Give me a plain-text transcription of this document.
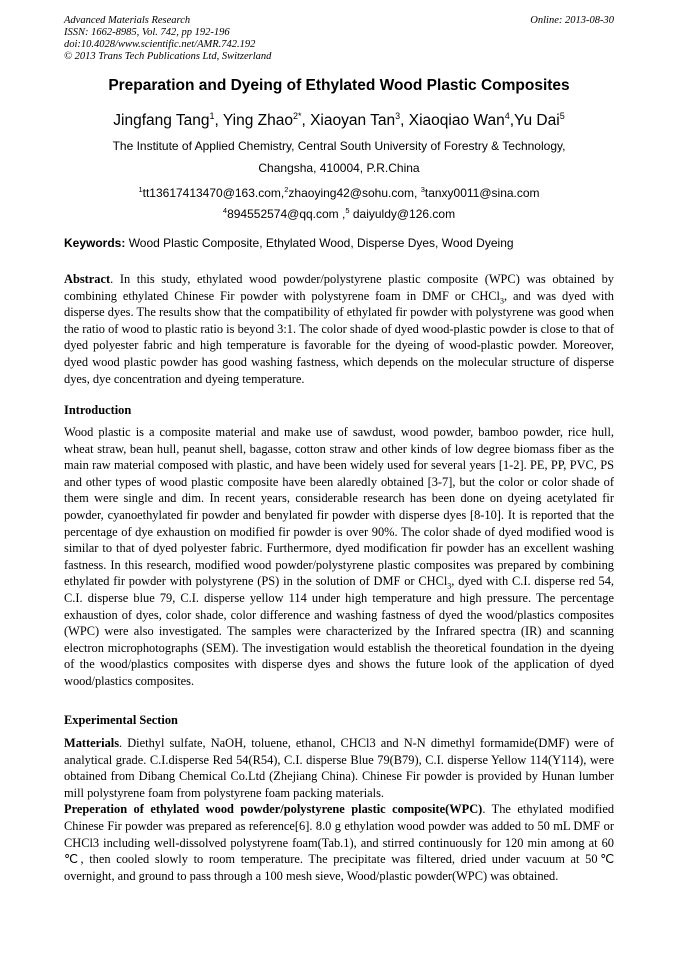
Advanced Materials Research
ISSN: 1662-8985, Vol. 742, pp 192-196
doi:10.4028/www.scientific.net/AMR.742.192
© 2013 Trans Tech Publications Ltd, Switzerland
Online: 2013-08-30
Preparation and Dyeing of Ethylated Wood Plastic Composites
Jingfang Tang$^1$, Ying Zhao$^{2*}$, Xiaoyan Tan$^3$, Xiaoqiao Wan$^4$,Yu Dai$^5$
The Institute of Applied Chemistry, Central South University of Forestry & Technology,
Changsha, 410004, P.R.China
$^1$tt13617413470@163.com,$^2$zhaoying42@sohu.com, $^3$tanxy0011@sina.com
$^4$894552574@qq.com ,$^5$ daiyuldy@126.com
Keywords: Wood Plastic Composite, Ethylated Wood, Disperse Dyes, Wood Dyeing
Abstract. In this study, ethylated wood powder/polystyrene plastic composite (WPC) was obtained by combining ethylated Chinese Fir powder with polystyrene foam in DMF or CHCl$_3$, and was dyed with disperse dyes. The results show that the compatibility of ethylated fir powder with polystyrene was good when the ratio of wood to plastic ratio is beyond 3:1. The color shade of dyed wood-plastic powder is close to that of dyed polyester fabric and high temperature is favorable for the dyeing of wood-plastic powder. Moreover, dyed wood plastic powder has good washing fastness, which depends on the molecular structure of disperse dyes, dye concentration and dyeing temperature.
Introduction
Wood plastic is a composite material and make use of sawdust, wood powder, bamboo powder, rice hull, wheat straw, bean hull, peanut shell, bagasse, cotton straw and other kinds of low degree biomass fiber as the main raw material composed with plastic, and have been widely used for several years [1-2]. PE, PP, PVC, PS and other types of wood plastic composite have been alaredly obtained [3-7], but the color or color shade of them were single and dim. In recent years, considerable research has been done on dyeing acetylated fir powder, cyanoethylated fir powder and benylated fir powder with disperse dyes [8-10]. It is reported that the percentage of dye exhaustion on modified fir powder is over 90%. The color shade of dyed modified wood is similar to that of dyed polyester fabric. Furthermore, dyed modification fir powder has an excellent washing fastness. In this research, modified wood powder/polystyrene plastic composites was prepared by combining ethylated fir powder with polystyrene (PS) in the solution of DMF or CHCl$_3$, dyed with C.I. disperse red 54, C.I. disperse blue 79, C.I. disperse yellow 114 under high temperature and high pressure. The percentage exhaustion of dyes, color shade, color difference and washing fastness of dyed the wood/plastics composites (WPC) were also investigated. The samples were characterized by the Infrared spectra (IR) and scanning electron microphotographs (SEM). The investigation would establish the theoretical foundation in the dyeing of the wood/plastics composites with disperse dyes and shows the future look of the application of dyed wood/plastics composites.
Experimental Section
Matterials. Diethyl sulfate, NaOH, toluene, ethanol, CHCl3 and N-N dimethyl formamide(DMF) were of analytical grade. C.I.disperse Red 54(R54), C.I. disperse Blue 79(B79), C.I. disperse Yellow 114(Y114), were obtained from Dibang Chemical Co.Ltd (Zhejiang China). Chinese Fir powder is provided by Hunan lumber mill polystyrene foam from polystyrene foam packing materials.
Preperation of ethylated wood powder/polystyrene plastic composite(WPC). The ethylated modified Chinese Fir powder was prepared as reference[6]. 8.0 g ethylation wood powder was added to 50 mL DMF or CHCl3 including well-dissolved polystyrene foam(Tab.1), and stirred continuously for 120 min among at 60 ℃, then cooled slowly to room temperature. The precipitate was filtered, dried under vacuum at 50℃ overnight, and ground to pass through a 100 mesh sieve, Wood/plastic powder(WPC) was obtained.
